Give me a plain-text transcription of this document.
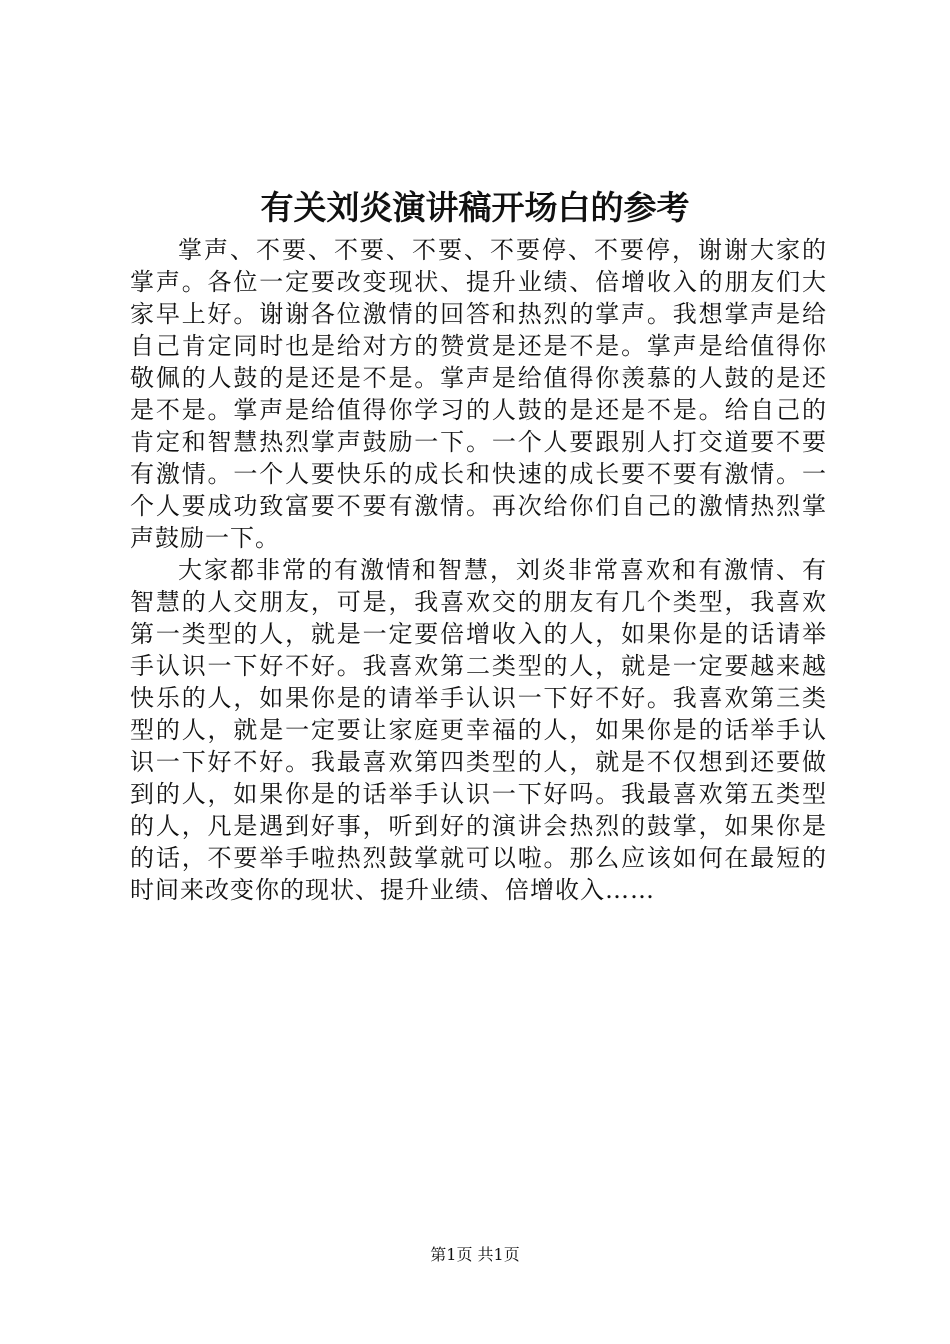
有关刘炎演讲稿开场白的参考

掌声、不要、不要、不要、不要停、不要停，谢谢大家的掌声。各位一定要改变现状、提升业绩、倍增收入的朋友们大家早上好。谢谢各位激情的回答和热烈的掌声。我想掌声是给自己肯定同时也是给对方的赞赏是还是不是。掌声是给值得你敬佩的人鼓的是还是不是。掌声是给值得你羡慕的人鼓的是还是不是。掌声是给值得你学习的人鼓的是还是不是。给自己的肯定和智慧热烈掌声鼓励一下。一个人要跟别人打交道要不要有激情。一个人要快乐的成长和快速的成长要不要有激情。一个人要成功致富要不要有激情。再次给你们自己的激情热烈掌声鼓励一下。

大家都非常的有激情和智慧，刘炎非常喜欢和有激情、有智慧的人交朋友，可是，我喜欢交的朋友有几个类型，我喜欢第一类型的人，就是一定要倍增收入的人，如果你是的话请举手认识一下好不好。我喜欢第二类型的人，就是一定要越来越快乐的人，如果你是的请举手认识一下好不好。我喜欢第三类型的人，就是一定要让家庭更幸福的人，如果你是的话举手认识一下好不好。我最喜欢第四类型的人，就是不仅想到还要做到的人，如果你是的话举手认识一下好吗。我最喜欢第五类型的人，凡是遇到好事，听到好的演讲会热烈的鼓掌，如果你是的话，不要举手啦热烈鼓掌就可以啦。那么应该如何在最短的时间来改变你的现状、提升业绩、倍增收入……

第1页 共1页
